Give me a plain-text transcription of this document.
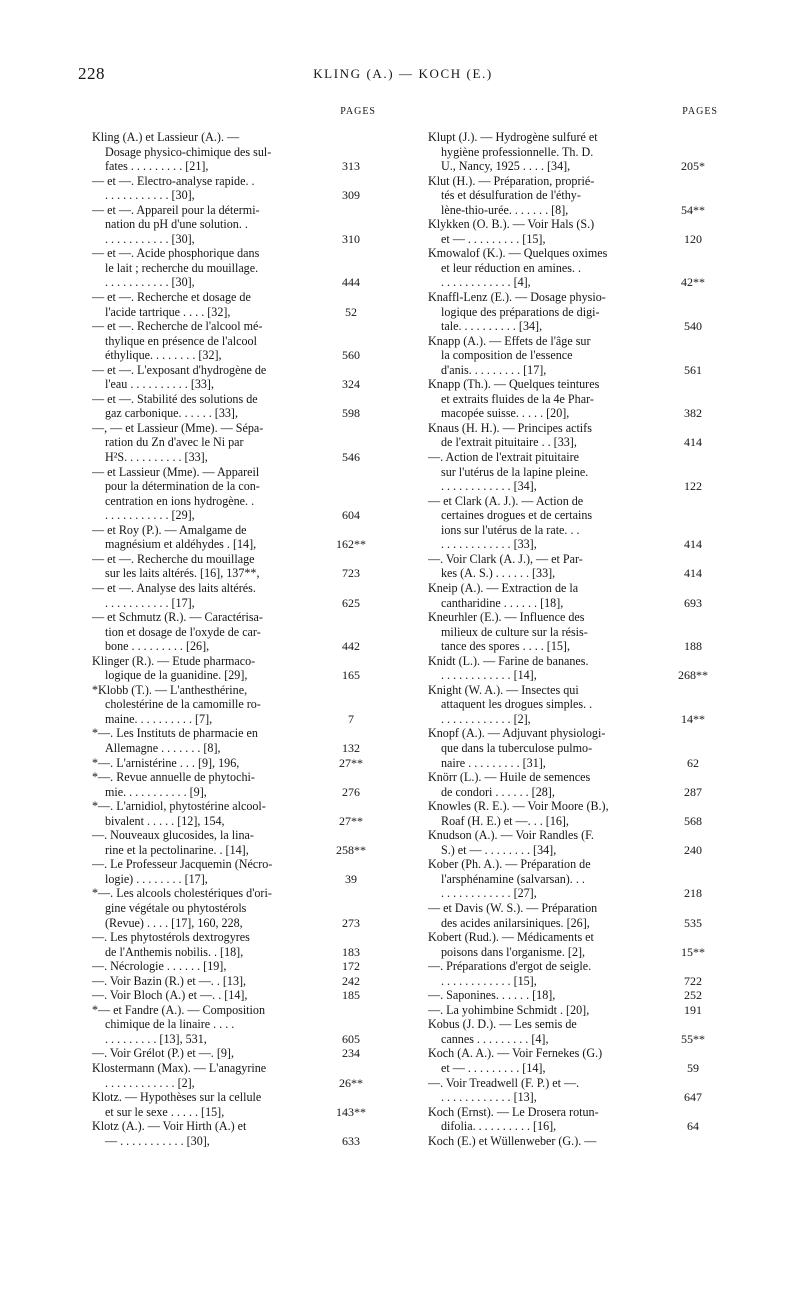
228	KLING (A.) — KOCH (E.)
PAGES
Kling (A.) et Lassieur (A.). —
Dosage physico-chimique des sul-
fates . . . . . . . . . [21],	313
— et —. Electro-analyse rapide. .
. . . . . . . . . . . [30],	309
— et —. Appareil pour la détermi-
nation du pH d'une solution. .
. . . . . . . . . . . [30],	310
— et —. Acide phosphorique dans
le lait ; recherche du mouillage.
. . . . . . . . . . . [30],	444
— et —. Recherche et dosage de
l'acide tartrique . . . . [32],	52
— et —. Recherche de l'alcool mé-
thylique en présence de l'alcool
éthylique. . . . . . . . [32],	560
— et —. L'exposant d'hydrogène de
l'eau . . . . . . . . . . [33],	324
— et —. Stabilité des solutions de
gaz carbonique. . . . . . [33],	598
—, — et Lassieur (Mme). — Sépa-
ration du Zn d'avec le Ni par
H²S. . . . . . . . . . [33],	546
— et Lassieur (Mme). — Appareil
pour la détermination de la con-
centration en ions hydrogène. .
. . . . . . . . . . . [29],	604
— et Roy (P.). — Amalgame de
magnésium et aldéhydes . [14],	162**
— et —. Recherche du mouillage
sur les laits altérés. [16], 137**,	723
— et —. Analyse des laits altérés.
. . . . . . . . . . . [17],	625
— et Schmutz (R.). — Caractérisa-
tion et dosage de l'oxyde de car-
bone . . . . . . . . . [26],	442
Klinger (R.). — Etude pharmaco-
logique de la guanidine. [29],	165
*Klobb (T.). — L'anthesthérine,
cholestérine de la camomille ro-
maine. . . . . . . . . . [7],	7
*—. Les Instituts de pharmacie en
Allemagne . . . . . . . [8],	132
*—. L'arnistérine . . . [9], 196,	27**
*—. Revue annuelle de phytochi-
mie. . . . . . . . . . . [9],	276
*—. L'arnidiol, phytostérine alcool-
bivalent . . . . . [12], 154,	27**
—. Nouveaux glucosides, la lina-
rine et la pectolinarine. . [14],	258**
—. Le Professeur Jacquemin (Nécro-
logie) . . . . . . . . [17],	39
*—. Les alcools cholestériques d'ori-
gine végétale ou phytostérols
(Revue) . . . . [17], 160, 228,	273
—. Les phytostérols dextrogyres
de l'Anthemis nobilis. . [18],	183
—. Nécrologie . . . . . . [19],	172
—. Voir Bazin (R.) et —. . [13],	242
—. Voir Bloch (A.) et —. . [14],	185
*— et Fandre (A.). — Composition
chimique de la linaire . . . .
. . . . . . . . . [13], 531,	605
—. Voir Grélot (P.) et —. [9],	234
Klostermann (Max). — L'anagyrine
. . . . . . . . . . . . [2],	26**
Klotz. — Hypothèses sur la cellule
et sur le sexe . . . . . [15],	143**
Klotz (A.). — Voir Hirth (A.) et
— . . . . . . . . . . . [30],	633
PAGES
Klupt (J.). — Hydrogène sulfuré et
hygiène professionnelle. Th. D.
U., Nancy, 1925 . . . . [34],	205*
Klut (H.). — Préparation, proprié-
tés et désulfuration de l'éthy-
lène-thio-urée. . . . . . . [8],	54**
Klykken (O. B.). — Voir Hals (S.)
et — . . . . . . . . . [15],	120
Kmowalof (K.). — Quelques oximes
et leur réduction en amines. .
. . . . . . . . . . . . [4],	42**
Knaffl-Lenz (E.). — Dosage physio-
logique des préparations de digi-
tale. . . . . . . . . . [34],	540
Knapp (A.). — Effets de l'âge sur
la composition de l'essence
d'anis. . . . . . . . . [17],	561
Knapp (Th.). — Quelques teintures
et extraits fluides de la 4e Phar-
macopée suisse. . . . . [20],	382
Knaus (H. H.). — Principes actifs
de l'extrait pituitaire . . [33],	414
—. Action de l'extrait pituitaire
sur l'utérus de la lapine pleine.
. . . . . . . . . . . . [34],	122
— et Clark (A. J.). — Action de
certaines drogues et de certains
ions sur l'utérus de la rate. . .
. . . . . . . . . . . . [33],	414
—. Voir Clark (A. J.), — et Par-
kes (A. S.) . . . . . . [33],	414
Kneip (A.). — Extraction de la
cantharidine . . . . . . [18],	693
Kneurhler (E.). — Influence des
milieux de culture sur la résis-
tance des spores . . . . [15],	188
Knidt (L.). — Farine de bananes.
. . . . . . . . . . . . [14],	268**
Knight (W. A.). — Insectes qui
attaquent les drogues simples. .
. . . . . . . . . . . . [2],	14**
Knopf (A.). — Adjuvant physiologi-
que dans la tuberculose pulmo-
naire . . . . . . . . . [31],	62
Knörr (L.). — Huile de semences
de condori . . . . . . [28],	287
Knowles (R. E.). — Voir Moore (B.),
Roaf (H. E.) et —. . . [16],	568
Knudson (A.). — Voir Randles (F.
S.) et — . . . . . . . . [34],	240
Kober (Ph. A.). — Préparation de
l'arsphénamine (salvarsan). . .
. . . . . . . . . . . . [27],	218
— et Davis (W. S.). — Préparation
des acides anilarsiniques. [26],	535
Kobert (Rud.). — Médicaments et
poisons dans l'organisme. [2],	15**
—. Préparations d'ergot de seigle.
. . . . . . . . . . . . [15],	722
—. Saponines. . . . . . [18],	252
—. La yohimbine Schmidt . [20],	191
Kobus (J. D.). — Les semis de
cannes . . . . . . . . . [4],	55**
Koch (A. A.). — Voir Fernekes (G.)
et — . . . . . . . . . [14],	59
—. Voir Treadwell (F. P.) et —.
. . . . . . . . . . . . [13],	647
Koch (Ernst). — Le Drosera rotun-
difolia. . . . . . . . . . [16],	64
Koch (E.) et Wüllenweber (G.). —
